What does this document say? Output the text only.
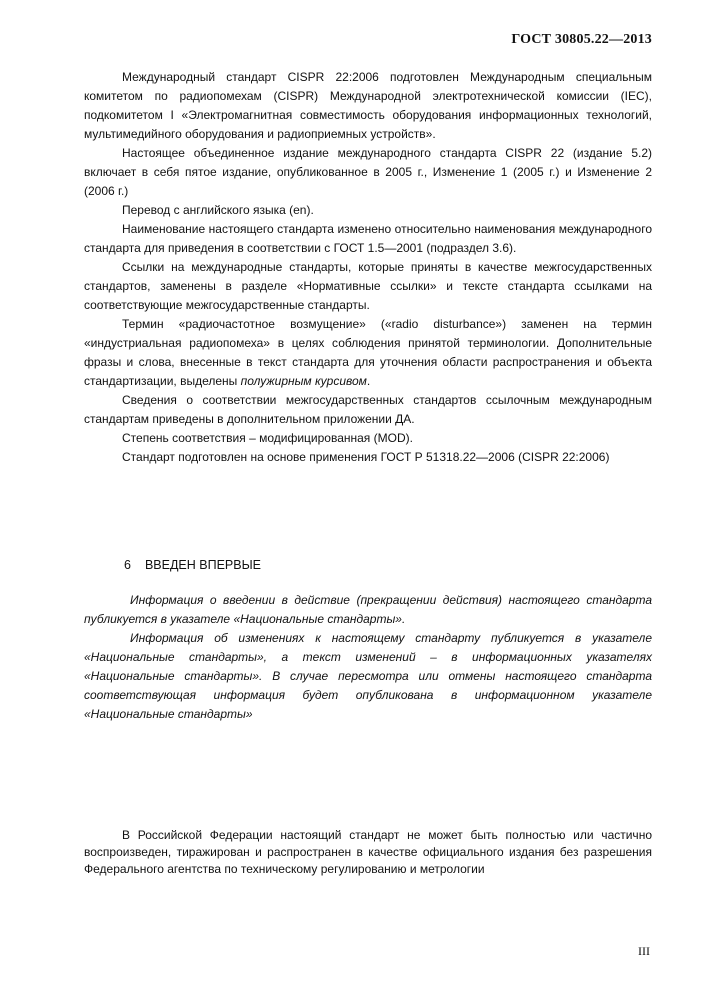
ГОСТ 30805.22—2013

Международный стандарт CISPR 22:2006 подготовлен Международным специальным комитетом по радиопомехам (CISPR) Международной электротехнической комиссии (IEC), подкомитетом I «Электромагнитная совместимость оборудования информационных технологий, мультимедийного оборудования и радиоприемных устройств».

Настоящее объединенное издание международного стандарта CISPR 22 (издание 5.2) включает в себя пятое издание, опубликованное в 2005 г., Изменение 1 (2005 г.) и Изменение 2 (2006 г.)

Перевод с английского языка (en).

Наименование настоящего стандарта изменено относительно наименования международного стандарта для приведения в соответствии с ГОСТ 1.5—2001 (подраздел 3.6).

Ссылки на международные стандарты, которые приняты в качестве межгосударственных стандартов, заменены в разделе «Нормативные ссылки» и тексте стандарта ссылками на соответствующие межгосударственные стандарты.

Термин «радиочастотное возмущение» («radio disturbance») заменен на термин «индустриальная радиопомеха» в целях соблюдения принятой терминологии. Дополнительные фразы и слова, внесенные в текст стандарта для уточнения области распространения и объекта стандартизации, выделены полужирным курсивом.

Сведения о соответствии межгосударственных стандартов ссылочным международным стандартам приведены в дополнительном приложении ДА.

Степень соответствия – модифицированная (MOD).

Стандарт подготовлен на основе применения ГОСТ Р 51318.22—2006 (CISPR 22:2006)

6 ВВЕДЕН ВПЕРВЫЕ

Информация о введении в действие (прекращении действия) настоящего стандарта публикуется в указателе «Национальные стандарты».

Информация об изменениях к настоящему стандарту публикуется в указателе «Национальные стандарты», а текст изменений – в информационных указателях «Национальные стандарты». В случае пересмотра или отмены настоящего стандарта соответствующая информация будет опубликована в информационном указателе «Национальные стандарты»

В Российской Федерации настоящий стандарт не может быть полностью или частично воспроизведен, тиражирован и распространен в качестве официального издания без разрешения Федерального агентства по техническому регулированию и метрологии

III
